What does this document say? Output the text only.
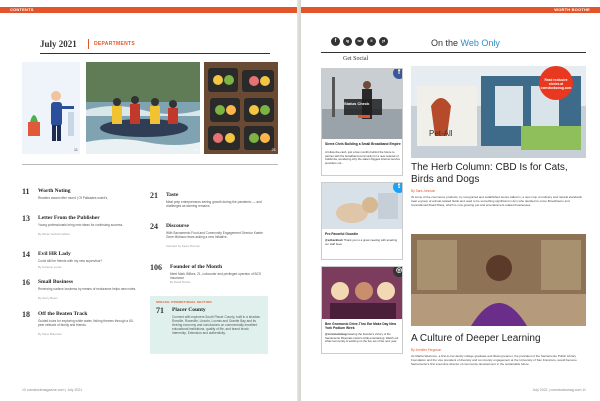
CONTENTS
July 2021	DEPARTMENTS
11	18	21
11 Worth Noting
Readers award offer round | Of Palisades world's,
13 Letter From the Publisher
Young professionals bring new ideas for continuing success.
By Winter Gerlach Gilbert
14 Evil HR Lady
Covid still be friends with my new supervisor?
By Suzanne Lucas
16 Small Business
Reversing surface business by means of endurance helps new notes.
By Henry Beam
18 Off the Beaten Track
Guided tours for exploring white water, fishing themes through a 60-year network of family and friends.
By Steve Braunsen
21 Taste
Meal prep entrepreneurs seeing growth during the pandemic — and challenges as winning remains.
24 Discourse
With Sacramento Food and Community Engagement Director Kaebe Gene Michaux fears asking a new Initiative.
Interview by Karen Roemer
106 Founder of the Month
Meet Mark Wilkes, 21, cofounder and privileged operator of BCS Insurance
By David Mohns
SPECIAL PROMOTIONAL SECTION
71 Placer County
Connect with explorers South Placer County, built in a shadow Rosville, Roseville, Lincoln, Loomis and Granite Bay and its thriving economy and conclusions on commercially excellent educational institutions, quality of life, and brand brook Internship, Extension and authenticity.
10 comstockmagazine.com | July 2021
WORTH BOOTHE
f	ig	tw	li	yt	On the Web Only
Get Social
Status Check
f
Sierra Chris Building a Small Broadband Empire
A follow-the-cash, just a few months behind the future to partner with the broadband community for a new network of California, wondering why the state's biggest internet service providers not...
t
Pro Favorful Gourdin
@edbacklash Thank you to a great meeting with amazing our staff bees
◎
Ben Gnomonic Drive-Thru Ear Make Day New York Podium Week
@comstockmag Gearing the founder's victory of the Sacramento Rivercats music's ACE entertaining. Watch out what community is working on the live set of the next year
Pet-All
The Herb Column: CBD Is for Cats, Birds and Dogs
By Sara Johnson
IN some of the commerce products, by recognized and established stores called in, a new crop of ordinary and natural standards treat a group of animal-related fields and used to be something significant in Ann who decided to come Brookhaven and Cannabinoid Road Plaza, which is now growing pet and entertainment-related businesses.
Read exclusive stories at comstocksmag.com
A Culture of Deeper Learning
By Jennifer Ferguson
As Marita Welcome, a first-in-her-family college graduate and lifelong learner, the president of the Sacramento Public Library Foundation and the vice president of diversity and community engagement at the University of San Francisco, would become Sacramento's first executive director of community development in the sustainable future.
July 2021 | comstocksmag.com 11
